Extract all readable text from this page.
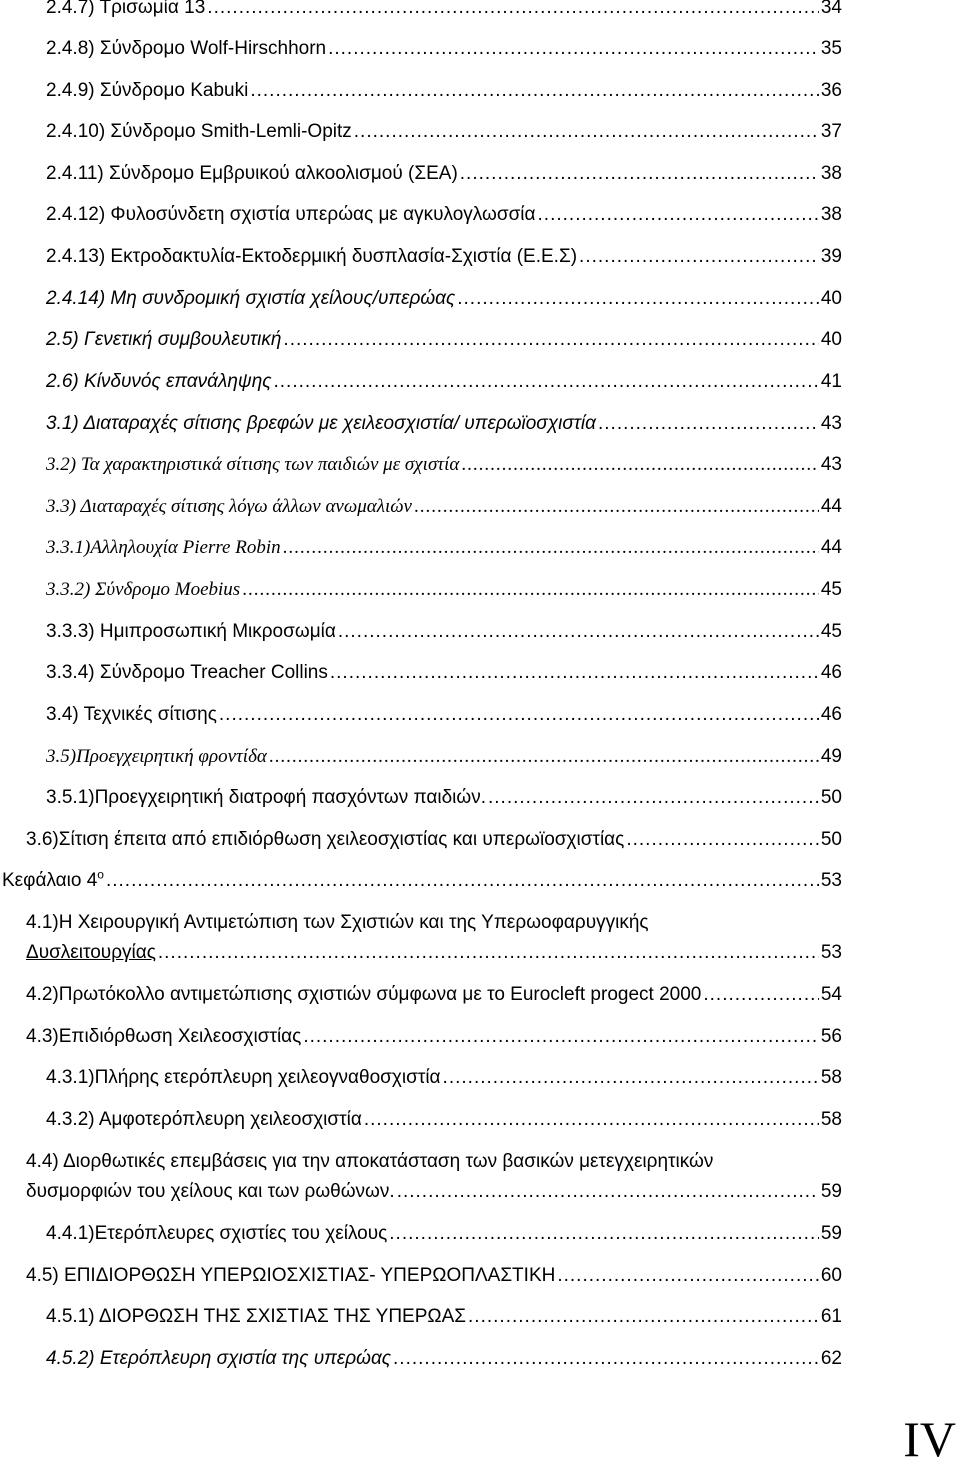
2.4.7) Τρισωμία 13 .....	34
2.4.8) Σύνδρομο Wolf-Hirschhorn .....	35
2.4.9) Σύνδρομο Kabuki .....	36
2.4.10) Σύνδρομο Smith-Lemli-Opitz .....	37
2.4.11) Σύνδρομο Εμβρυικού αλκοολισμού (ΣΕΑ) .....	38
2.4.12) Φυλοσύνδετη σχιστία υπερώας με αγκυλογλωσσία .....	38
2.4.13) Εκτροδακτυλία-Εκτοδερμική δυσπλασία-Σχιστία (Ε.Ε.Σ) .....	39
2.4.14) Μη συνδρομική σχιστία χείλους/υπερώας .....	40
2.5) Γενετική συμβουλευτική .....	40
2.6) Κίνδυνός επανάληψης .....	41
3.1) Διαταραχές σίτισης βρεφών με χειλεοσχιστία/ υπερωϊοσχιστία .....	43
3.2) Τα χαρακτηριστικά σίτισης των παιδιών με σχιστία .....	43
3.3) Διαταραχές σίτισης λόγω άλλων ανωμαλιών .....	44
3.3.1)Αλληλουχία Pierre Robin .....	44
3.3.2) Σύνδρομο Moebius .....	45
3.3.3) Ημιπροσωπική Μικροσωμία .....	45
3.3.4) Σύνδρομο Treacher Collins .....	46
3.4) Τεχνικές σίτισης .....	46
3.5)Προεγχειρητική φροντίδα .....	49
3.5.1)Προεγχειρητική διατροφή πασχόντων παιδιών. .....	50
3.6)Σίτιση έπειτα από επιδιόρθωση χειλεοσχιστίας και υπερωϊοσχιστίας .....	50
Κεφάλαιο $4^o$ .....	53
4.1)Η Χειρουργική Αντιμετώπιση των Σχιστιών και της Υπερωοφαρυγγικής
Δυσλειτουργίας .....	53
4.2)Πρωτόκολλο αντιμετώπισης σχιστιών σύμφωνα με το Eurocleft progect 2000 .....	54
4.3)Επιδιόρθωση Χειλεοσχιστίας .....	56
4.3.1)Πλήρης ετερόπλευρη χειλεογναθοσχιστία .....	58
4.3.2) Αμφοτερόπλευρη χειλεοσχιστία .....	58
4.4) Διορθωτικές επεμβάσεις για την αποκατάσταση των βασικών μετεγχειρητικών
δυσμορφιών του χείλους και των ρωθώνων. .....	59
4.4.1)Ετερόπλευρες σχιστίες του χείλους .....	59
4.5) ΕΠΙΔΙΟΡΘΩΣΗ ΥΠΕΡΩΙΟΣΧΙΣΤΙΑΣ- ΥΠΕΡΩΟΠΛΑΣΤΙΚΗ .....	60
4.5.1) ΔΙΟΡΘΩΣΗ ΤΗΣ ΣΧΙΣΤΙΑΣ ΤΗΣ ΥΠΕΡΩΑΣ .....	61
4.5.2) Ετερόπλευρη σχιστία της υπερώας .....	62
IV
